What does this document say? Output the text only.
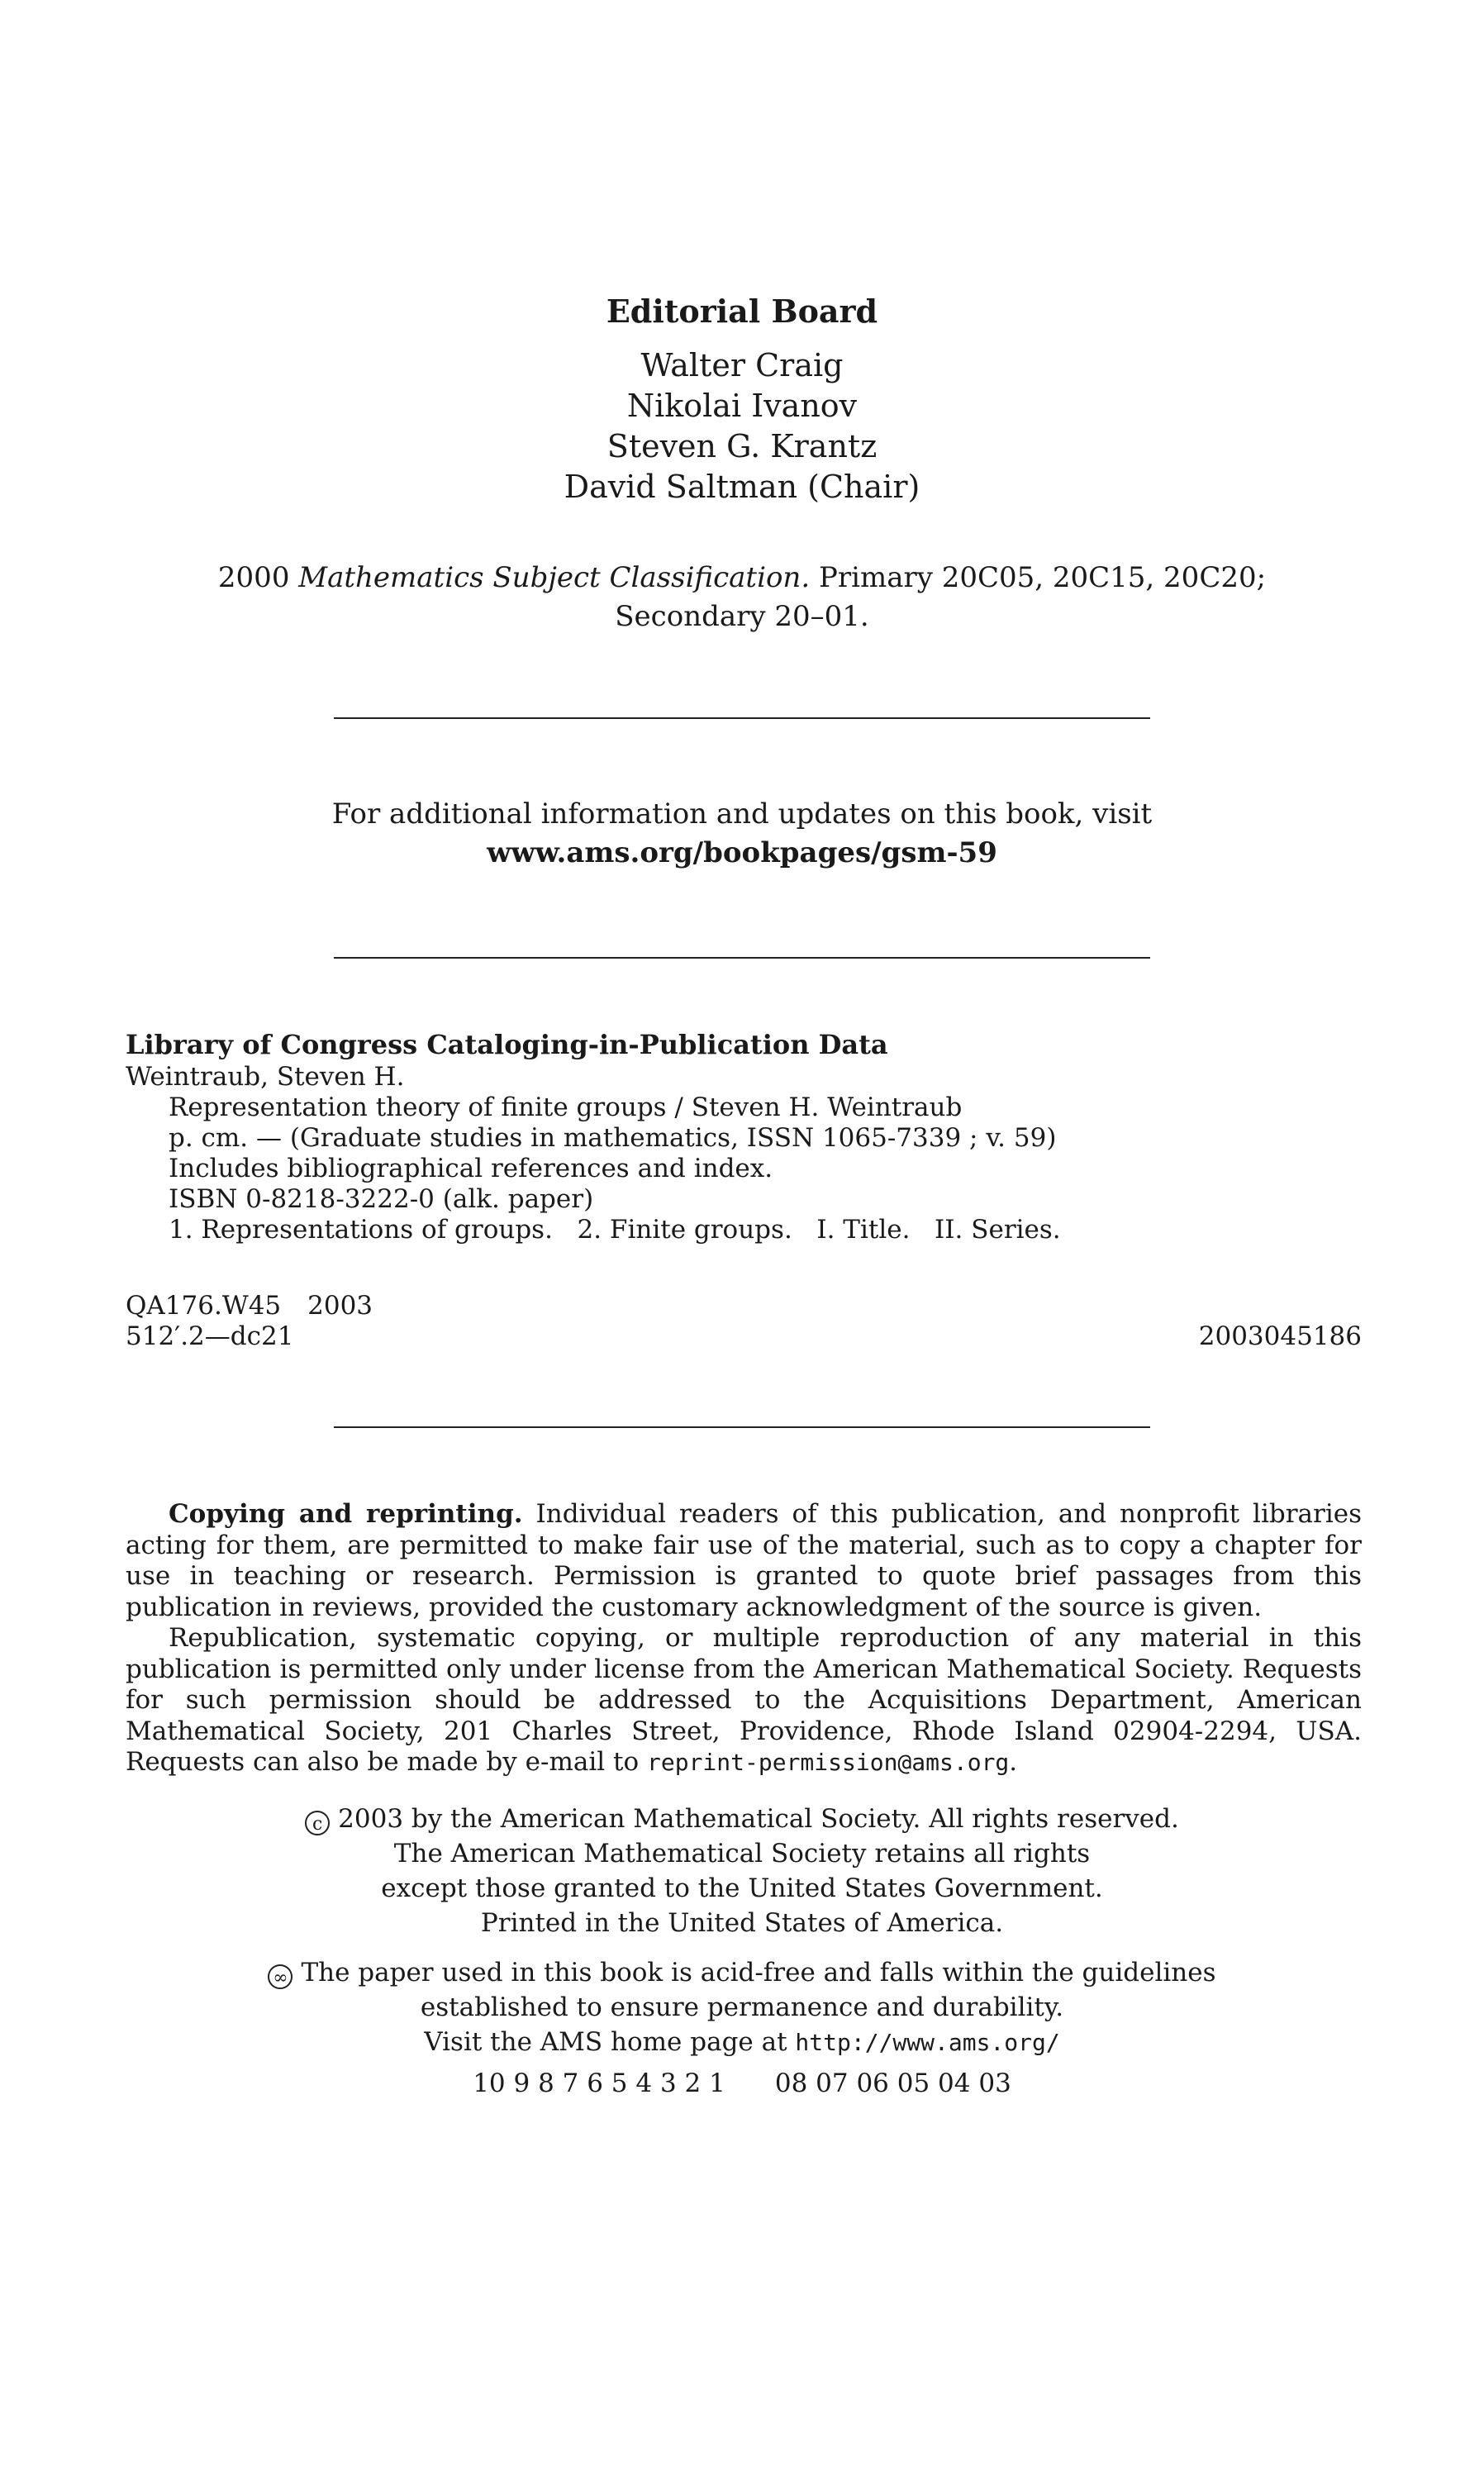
Editorial Board
Walter Craig
Nikolai Ivanov
Steven G. Krantz
David Saltman (Chair)
2000 Mathematics Subject Classification. Primary 20C05, 20C15, 20C20;
Secondary 20–01.
For additional information and updates on this book, visit
www.ams.org/bookpages/gsm-59
Library of Congress Cataloging-in-Publication Data
Weintraub, Steven H.
Representation theory of finite groups / Steven H. Weintraub
p. cm. — (Graduate studies in mathematics, ISSN 1065-7339 ; v. 59)
Includes bibliographical references and index.
ISBN 0-8218-3222-0 (alk. paper)
1. Representations of groups.   2. Finite groups.   I. Title.   II. Series.
QA176.W45 2003
512′.2—dc21	2003045186

Copying and reprinting. Individual readers of this publication, and nonprofit libraries acting for them, are permitted to make fair use of the material, such as to copy a chapter for use in teaching or research. Permission is granted to quote brief passages from this publication in reviews, provided the customary acknowledgment of the source is given.

Republication, systematic copying, or multiple reproduction of any material in this publication is permitted only under license from the American Mathematical Society. Requests for such permission should be addressed to the Acquisitions Department, American Mathematical Society, 201 Charles Street, Providence, Rhode Island 02904-2294, USA. Requests can also be made by e-mail to reprint-permission@ams.org.

c 2003 by the American Mathematical Society. All rights reserved.
The American Mathematical Society retains all rights
except those granted to the United States Government.
Printed in the United States of America.
∞ The paper used in this book is acid-free and falls within the guidelines
established to ensure permanence and durability.
Visit the AMS home page at http://www.ams.org/
10 9 8 7 6 5 4 3 2 1 08 07 06 05 04 03
